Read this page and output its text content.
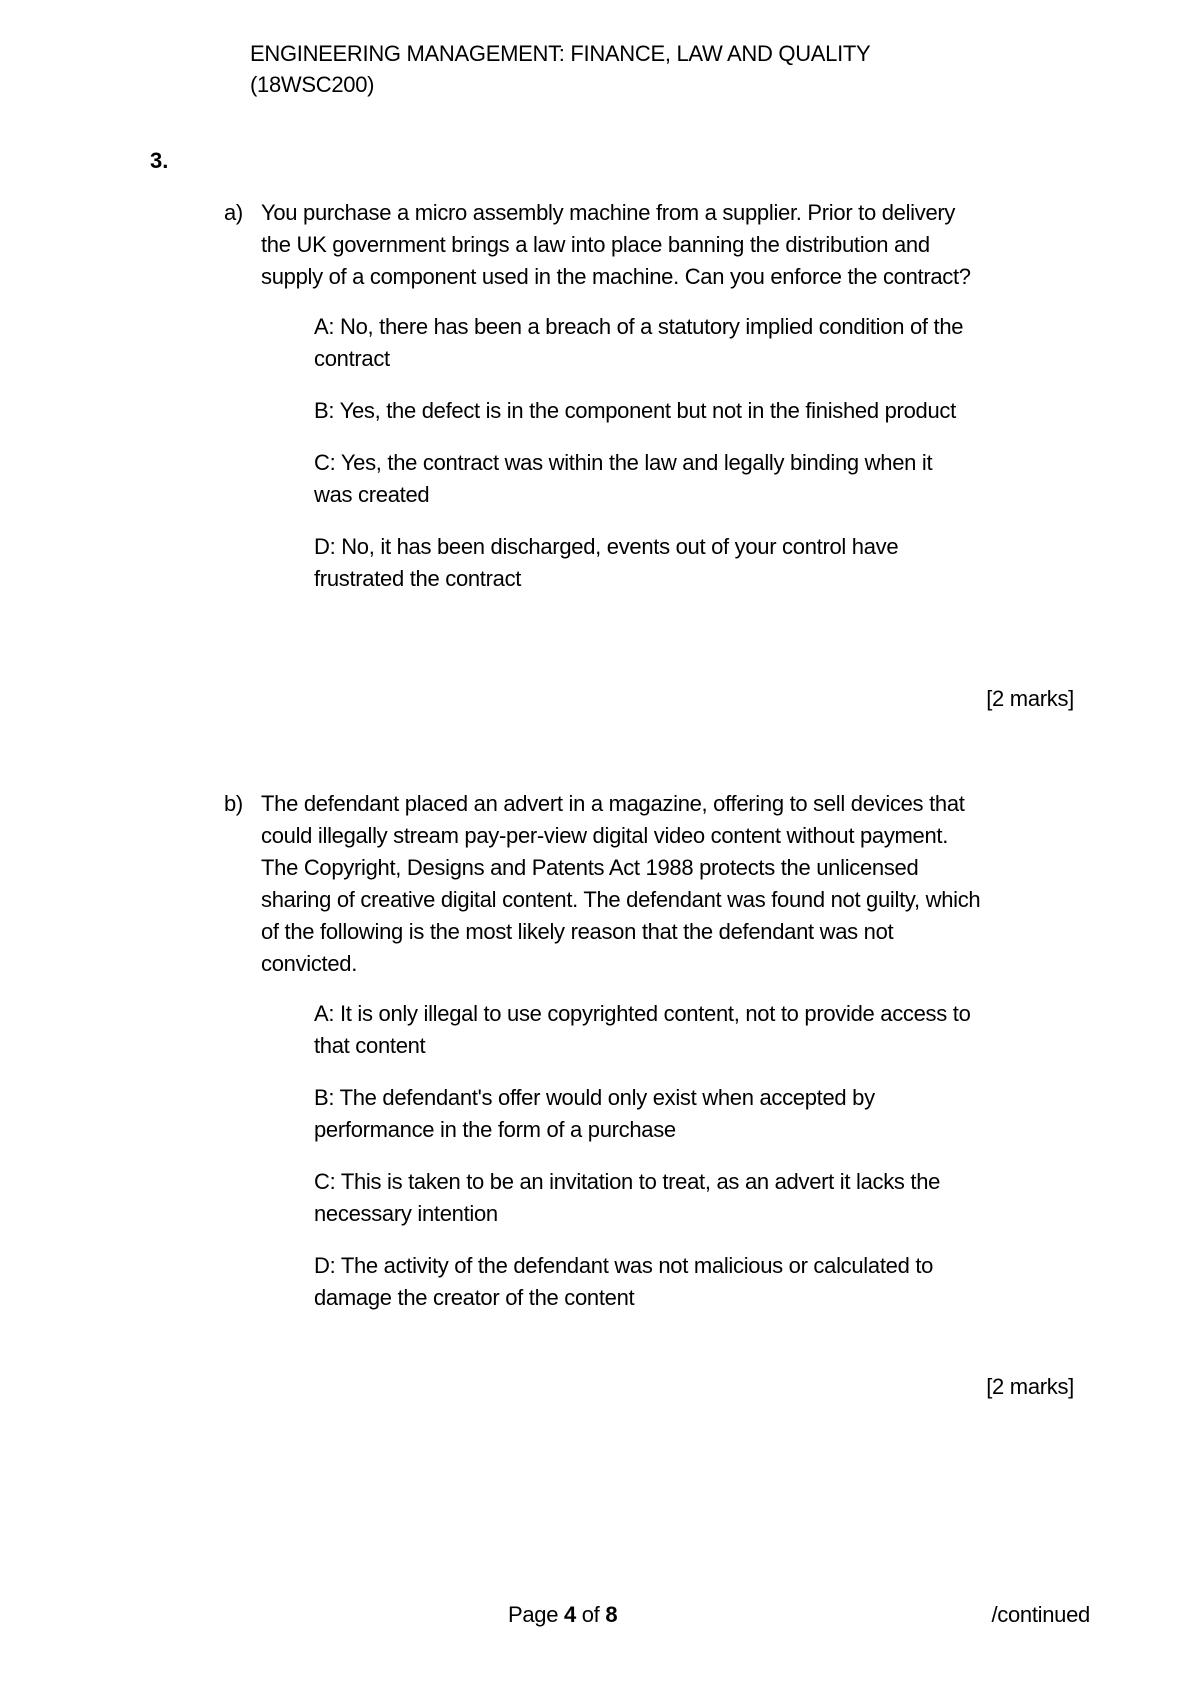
ENGINEERING MANAGEMENT: FINANCE, LAW AND QUALITY
(18WSC200)
3.
a) You purchase a micro assembly machine from a supplier. Prior to delivery the UK government brings a law into place banning the distribution and supply of a component used in the machine. Can you enforce the contract?
A: No, there has been a breach of a statutory implied condition of the contract
B: Yes, the defect is in the component but not in the finished product
C: Yes, the contract was within the law and legally binding when it was created
D: No, it has been discharged, events out of your control have frustrated the contract
[2 marks]
b) The defendant placed an advert in a magazine, offering to sell devices that could illegally stream pay-per-view digital video content without payment. The Copyright, Designs and Patents Act 1988 protects the unlicensed sharing of creative digital content. The defendant was found not guilty, which of the following is the most likely reason that the defendant was not convicted.
A: It is only illegal to use copyrighted content, not to provide access to that content
B: The defendant's offer would only exist when accepted by performance in the form of a purchase
C: This is taken to be an invitation to treat, as an advert it lacks the necessary intention
D: The activity of the defendant was not malicious or calculated to damage the creator of the content
[2 marks]
Page 4 of 8	/continued
